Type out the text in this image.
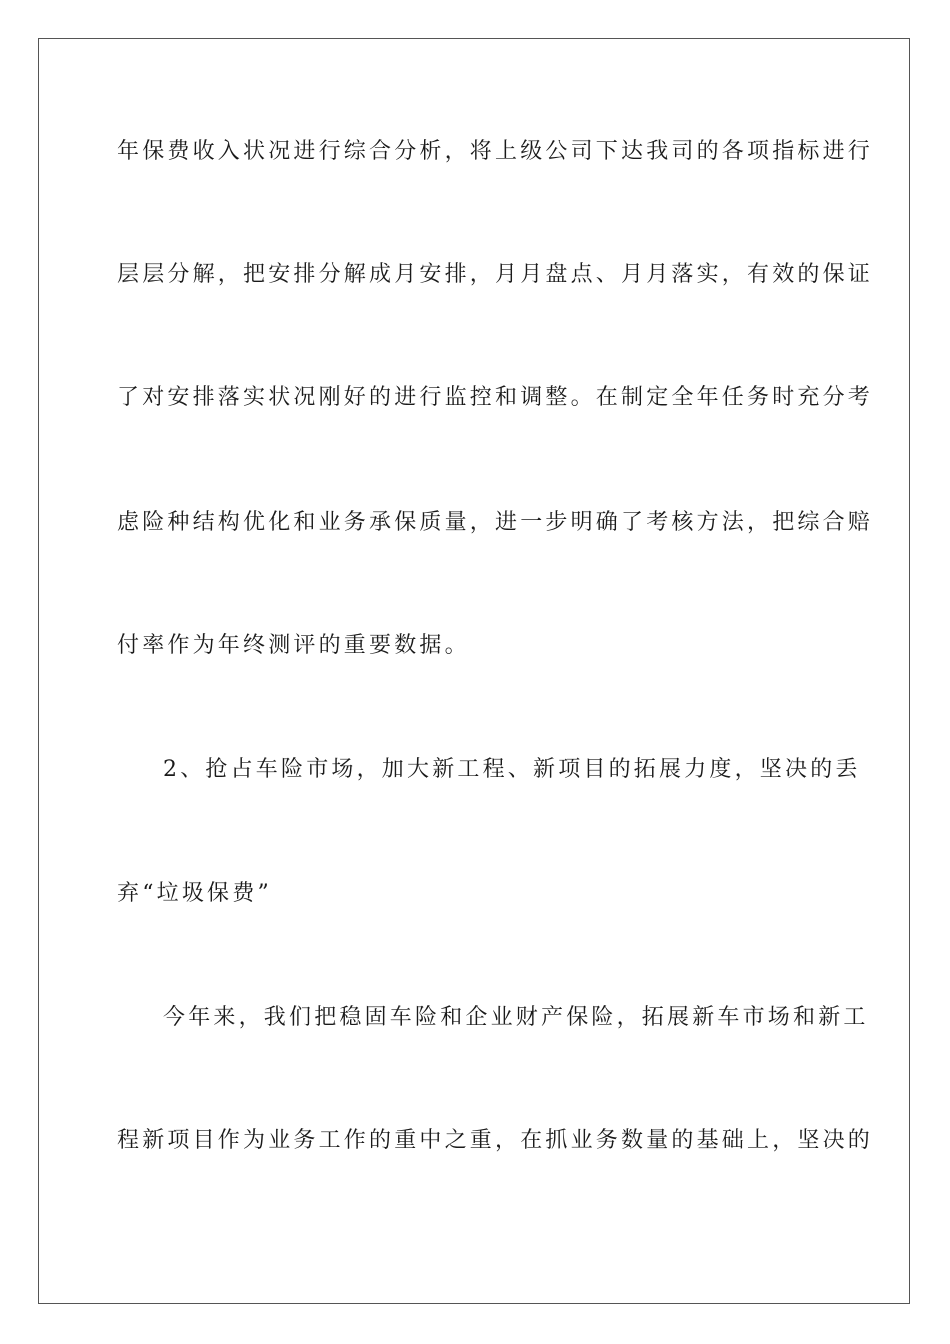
年保费收入状况进行综合分析，将上级公司下达我司的各项指标进行
层层分解，把安排分解成月安排，月月盘点、月月落实，有效的保证
了对安排落实状况刚好的进行监控和调整。在制定全年任务时充分考
虑险种结构优化和业务承保质量，进一步明确了考核方法，把综合赔
付率作为年终测评的重要数据。
2、抢占车险市场，加大新工程、新项目的拓展力度，坚决的丢
弃“垃圾保费”
今年来，我们把稳固车险和企业财产保险，拓展新车市场和新工
程新项目作为业务工作的重中之重，在抓业务数量的基础上，坚决的
